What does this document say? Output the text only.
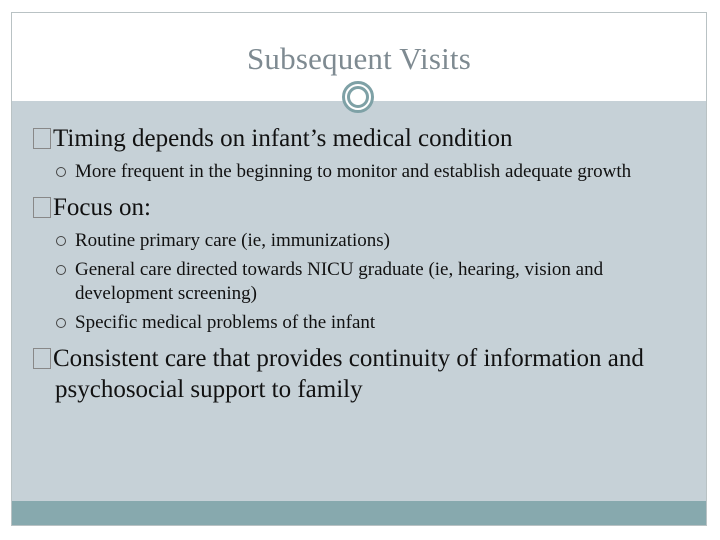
Subsequent Visits

Timing depends on infant’s medical condition

More frequent in the beginning to monitor and establish adequate growth

Focus on:

Routine primary care (ie, immunizations)
General care directed towards NICU graduate (ie, hearing, vision and development screening)
Specific medical problems of the infant

Consistent care that provides continuity of information and psychosocial support to family
